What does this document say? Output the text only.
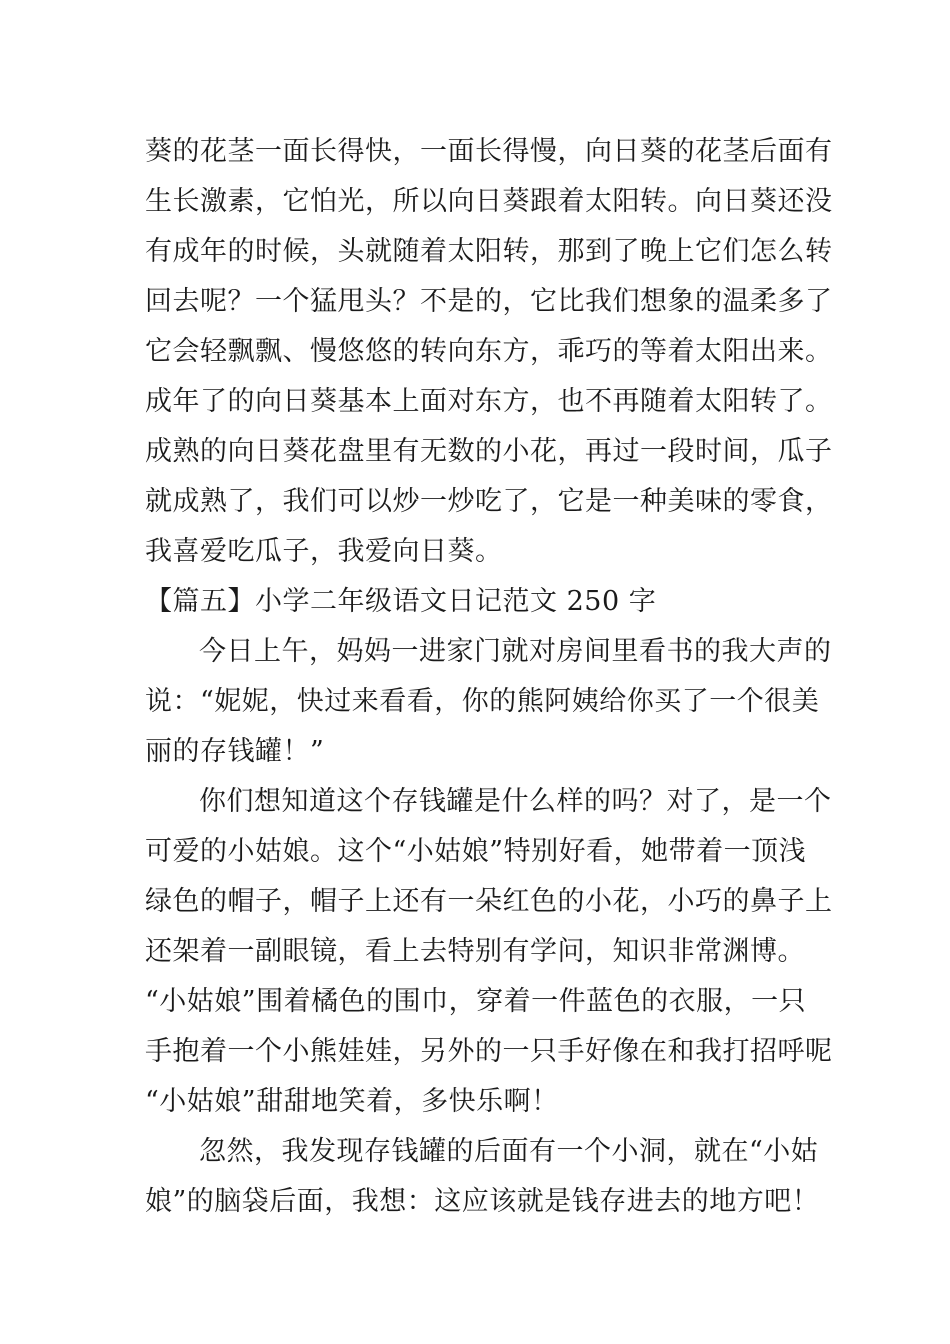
葵的花茎一面长得快，一面长得慢，向日葵的花茎后面有
生长激素，它怕光，所以向日葵跟着太阳转。向日葵还没
有成年的时候，头就随着太阳转，那到了晚上它们怎么转
回去呢？一个猛甩头？不是的，它比我们想象的温柔多了
它会轻飘飘、慢悠悠的转向东方，乖巧的等着太阳出来。
成年了的向日葵基本上面对东方，也不再随着太阳转了。
成熟的向日葵花盘里有无数的小花，再过一段时间，瓜子
就成熟了，我们可以炒一炒吃了，它是一种美味的零食，
我喜爱吃瓜子，我爱向日葵。
【篇五】小学二年级语文日记范文 250 字
今日上午，妈妈一进家门就对房间里看书的我大声的
说：“妮妮，快过来看看，你的熊阿姨给你买了一个很美
丽的存钱罐！”
你们想知道这个存钱罐是什么样的吗？对了，是一个
可爱的小姑娘。这个“小姑娘”特别好看，她带着一顶浅
绿色的帽子，帽子上还有一朵红色的小花，小巧的鼻子上
还架着一副眼镜，看上去特别有学问，知识非常渊博。
“小姑娘”围着橘色的围巾，穿着一件蓝色的衣服，一只
手抱着一个小熊娃娃，另外的一只手好像在和我打招呼呢
“小姑娘”甜甜地笑着，多快乐啊！
忽然，我发现存钱罐的后面有一个小洞，就在“小姑
娘”的脑袋后面，我想：这应该就是钱存进去的地方吧！
